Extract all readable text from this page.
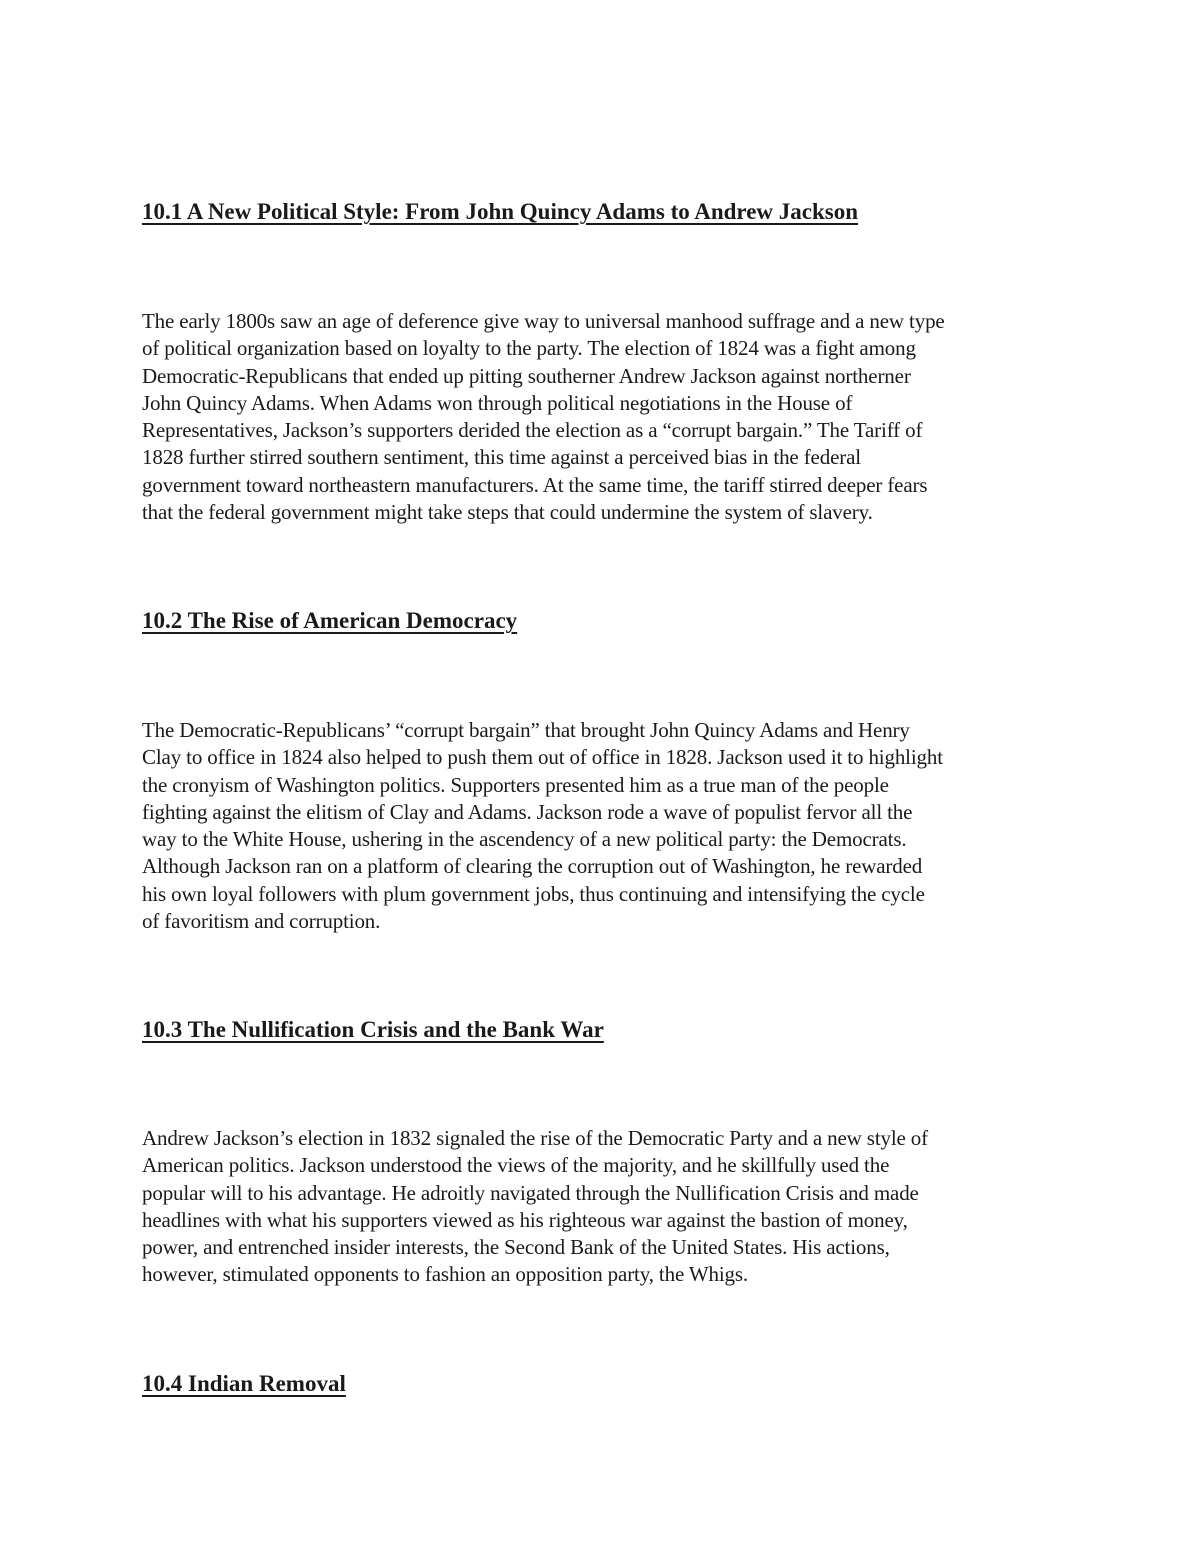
10.1 A New Political Style: From John Quincy Adams to Andrew Jackson

The early 1800s saw an age of deference give way to universal manhood suffrage and a new type
of political organization based on loyalty to the party. The election of 1824 was a fight among
Democratic-Republicans that ended up pitting southerner Andrew Jackson against northerner
John Quincy Adams. When Adams won through political negotiations in the House of
Representatives, Jackson’s supporters derided the election as a “corrupt bargain.” The Tariff of
1828 further stirred southern sentiment, this time against a perceived bias in the federal
government toward northeastern manufacturers. At the same time, the tariff stirred deeper fears
that the federal government might take steps that could undermine the system of slavery.

10.2 The Rise of American Democracy

The Democratic-Republicans’ “corrupt bargain” that brought John Quincy Adams and Henry
Clay to office in 1824 also helped to push them out of office in 1828. Jackson used it to highlight
the cronyism of Washington politics. Supporters presented him as a true man of the people
fighting against the elitism of Clay and Adams. Jackson rode a wave of populist fervor all the
way to the White House, ushering in the ascendency of a new political party: the Democrats.
Although Jackson ran on a platform of clearing the corruption out of Washington, he rewarded
his own loyal followers with plum government jobs, thus continuing and intensifying the cycle
of favoritism and corruption.

10.3 The Nullification Crisis and the Bank War

Andrew Jackson’s election in 1832 signaled the rise of the Democratic Party and a new style of
American politics. Jackson understood the views of the majority, and he skillfully used the
popular will to his advantage. He adroitly navigated through the Nullification Crisis and made
headlines with what his supporters viewed as his righteous war against the bastion of money,
power, and entrenched insider interests, the Second Bank of the United States. His actions,
however, stimulated opponents to fashion an opposition party, the Whigs.

10.4 Indian Removal
